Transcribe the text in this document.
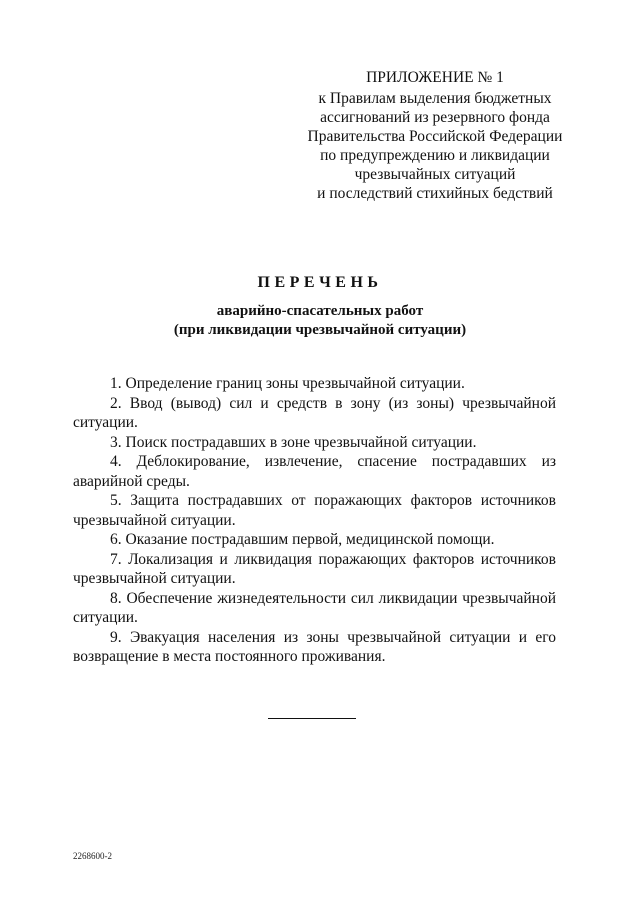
ПРИЛОЖЕНИЕ № 1
к Правилам выделения бюджетных
ассигнований из резервного фонда
Правительства Российской Федерации
по предупреждению и ликвидации
чрезвычайных ситуаций
и последствий стихийных бедствий
ПЕРЕЧЕНЬ
аварийно-спасательных работ
(при ликвидации чрезвычайной ситуации)

1. Определение границ зоны чрезвычайной ситуации.

2. Ввод (вывод) сил и средств в зону (из зоны) чрезвычайной ситуации.

3. Поиск пострадавших в зоне чрезвычайной ситуации.

4. Деблокирование, извлечение, спасение пострадавших из аварийной среды.

5. Защита пострадавших от поражающих факторов источников чрезвычайной ситуации.

6. Оказание пострадавшим первой, медицинской помощи.

7. Локализация и ликвидация поражающих факторов источников чрезвычайной ситуации.

8. Обеспечение жизнедеятельности сил ликвидации чрезвычайной ситуации.

9. Эвакуация населения из зоны чрезвычайной ситуации и его возвращение в места постоянного проживания.

2268600-2
